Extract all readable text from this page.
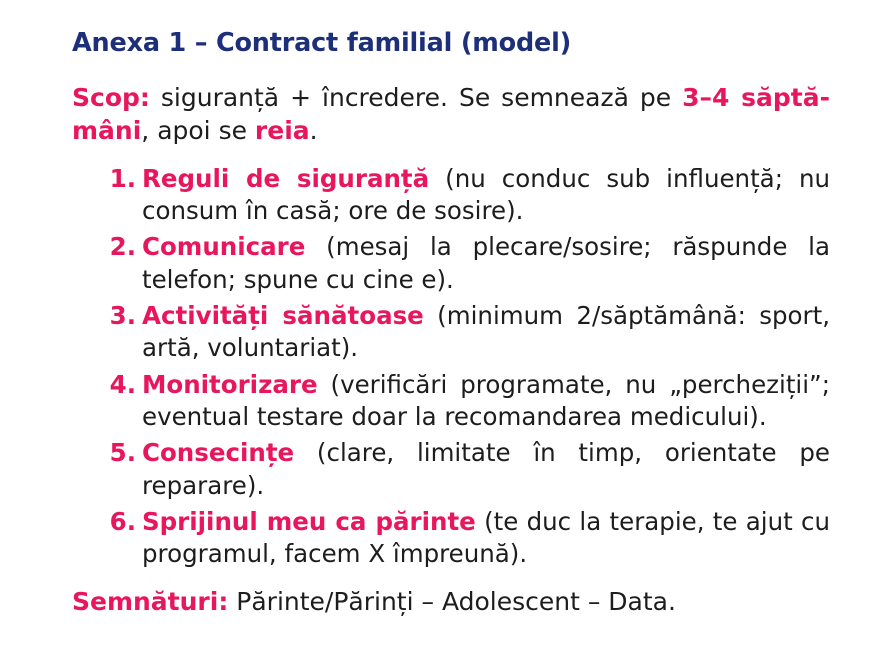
Anexa 1 – Contract familial (model)

Scop: siguranță + încredere. Se semnează pe 3–4 săptă-mâni, apoi se reia.

Reguli de siguranță (nu conduc sub influență; nu consum în casă; ore de sosire).
Comunicare (mesaj la plecare/sosire; răspunde la telefon; spune cu cine e).
Activități sănătoase (minimum 2/săptămână: sport, artă, voluntariat).
Monitorizare (verificări programate, nu „percheziții”; eventual testare doar la recomandarea medicului).
Consecințe (clare, limitate în timp, orientate pe reparare).
Sprijinul meu ca părinte (te duc la terapie, te ajut cu programul, facem X împreună).

Semnături: Părinte/Părinți – Adolescent – Data.
